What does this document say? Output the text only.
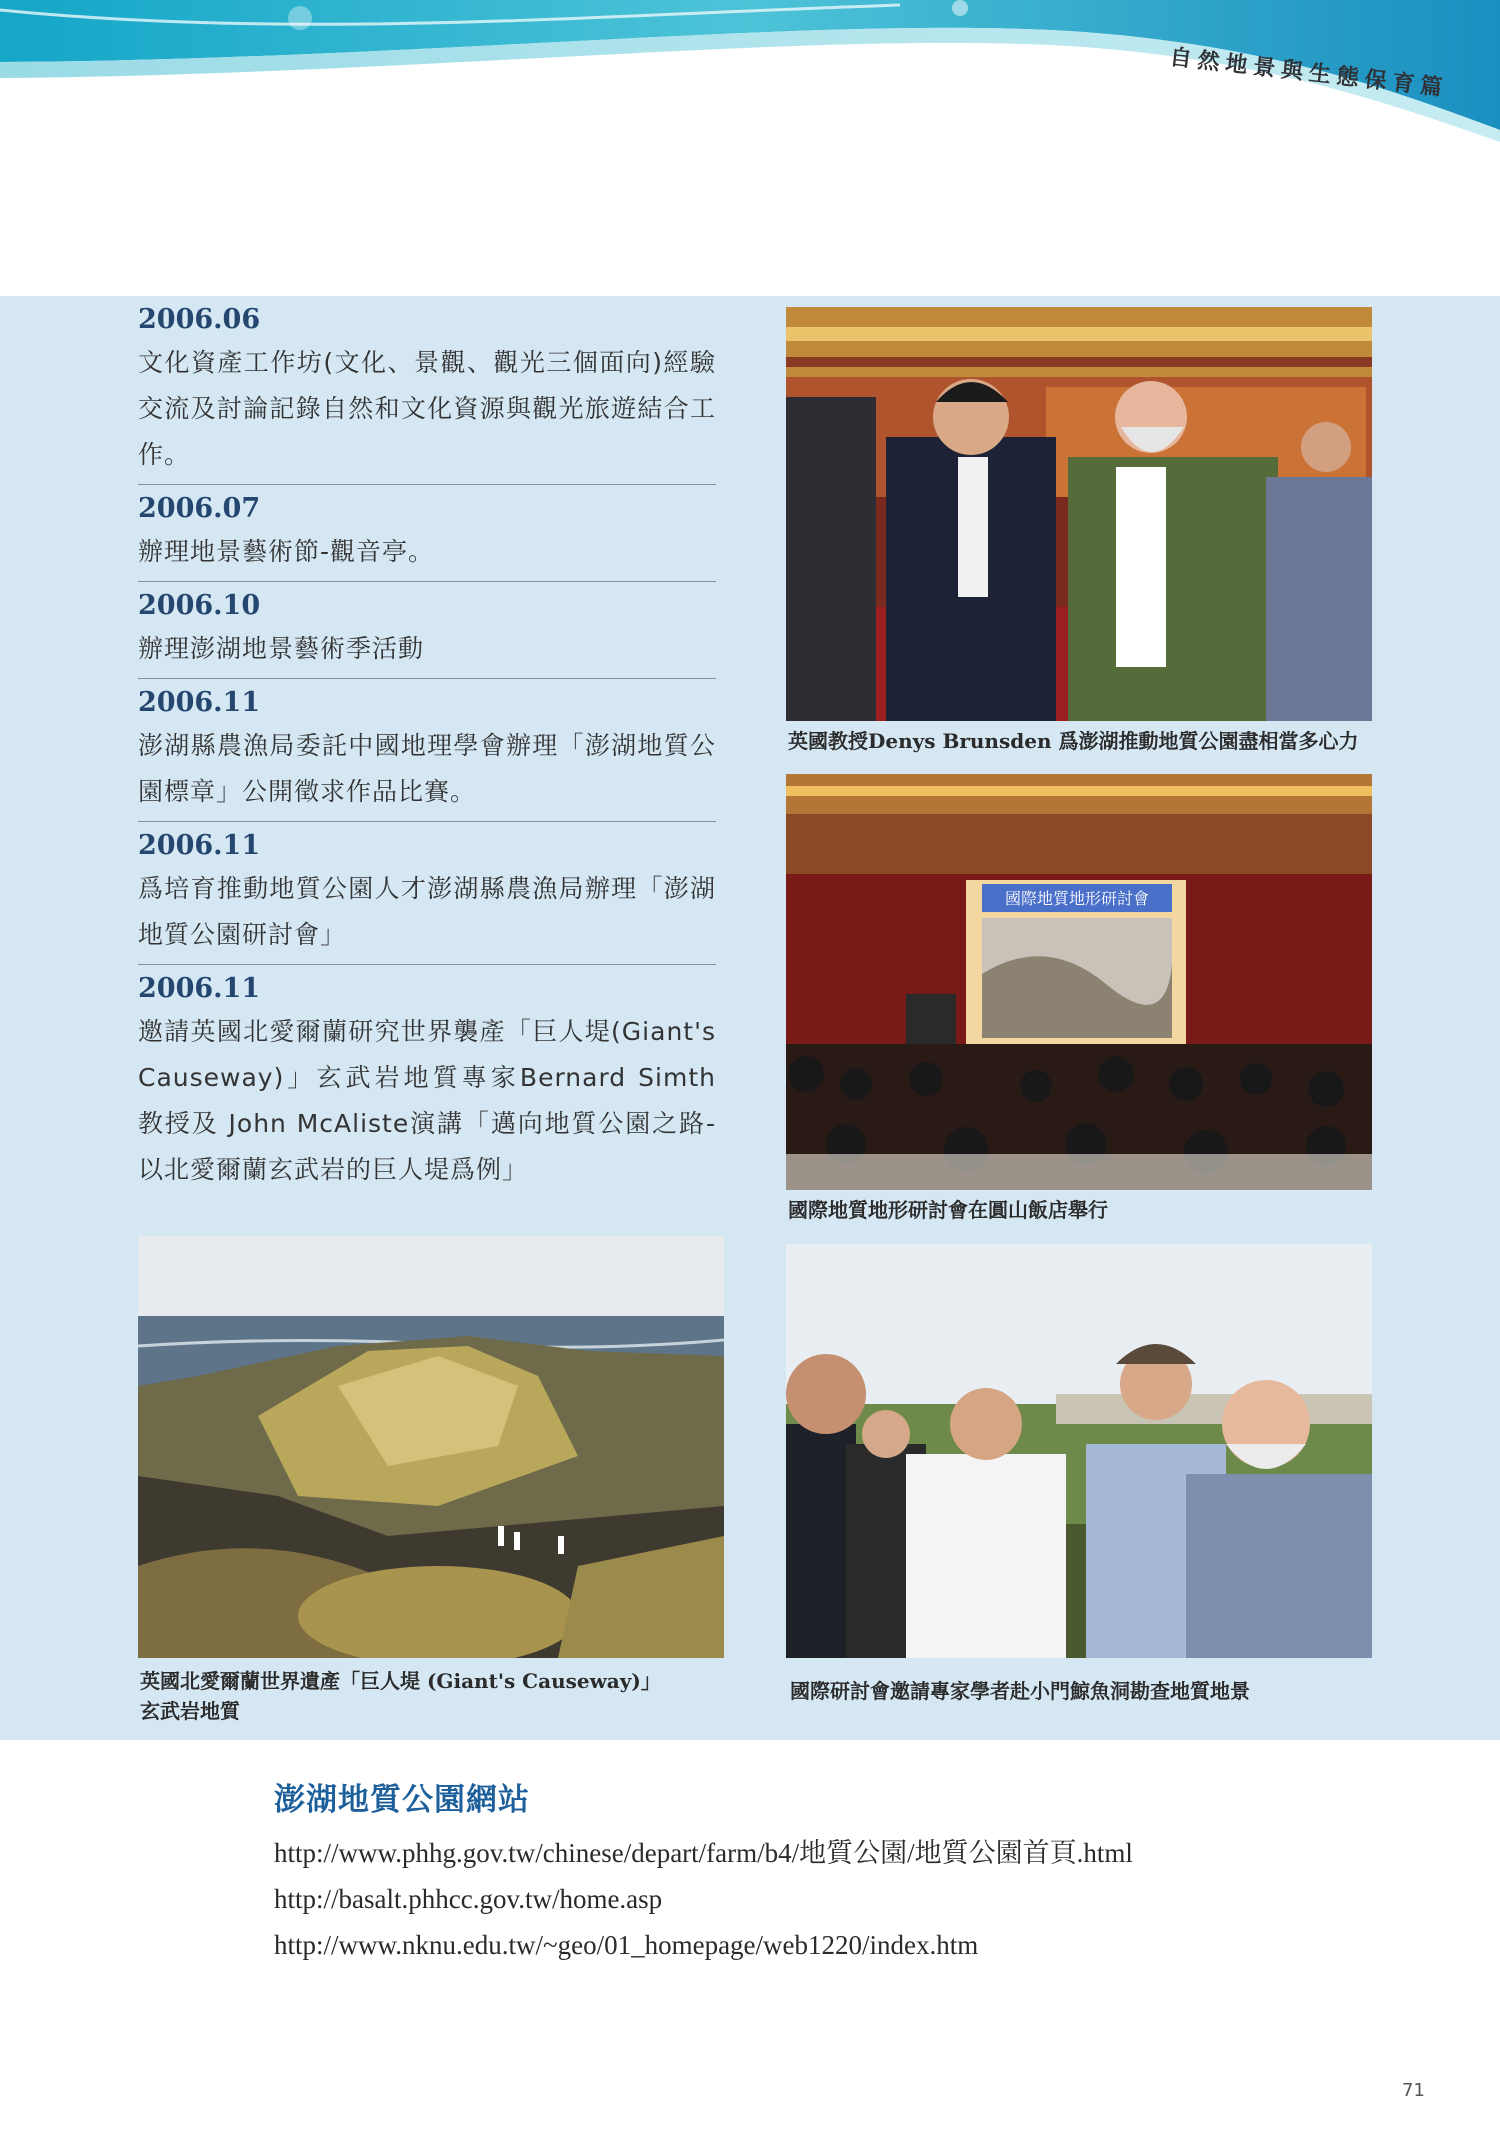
自然地景與生態保育篇
2006.06
文化資產工作坊(文化、景觀、觀光三個面向)經驗交流及討論記錄自然和文化資源與觀光旅遊結合工作。
2006.07
辦理地景藝術節-觀音亭。
2006.10
辦理澎湖地景藝術季活動
2006.11
澎湖縣農漁局委託中國地理學會辦理「澎湖地質公園標章」公開徵求作品比賽。
2006.11
爲培育推動地質公園人才澎湖縣農漁局辦理「澎湖地質公園研討會」
2006.11
邀請英國北愛爾蘭研究世界襲產「巨人堤(Giant's Causeway)」玄武岩地質專家Bernard Simth 教授及 John McAliste演講「邁向地質公園之路-以北愛爾蘭玄武岩的巨人堤爲例」
英國教授Denys Brunsden 爲澎湖推動地質公園盡相當多心力
國際地質地形研討會
國際地質地形研討會在圓山飯店舉行
英國北愛爾蘭世界遺產「巨人堤 (Giant's Causeway)」
玄武岩地質
國際研討會邀請專家學者赴小門鯨魚洞勘查地質地景
澎湖地質公園網站
http://www.phhg.gov.tw/chinese/depart/farm/b4/地質公園/地質公園首頁.html
http://basalt.phhcc.gov.tw/home.asp
http://www.nknu.edu.tw/~geo/01_homepage/web1220/index.htm
71
